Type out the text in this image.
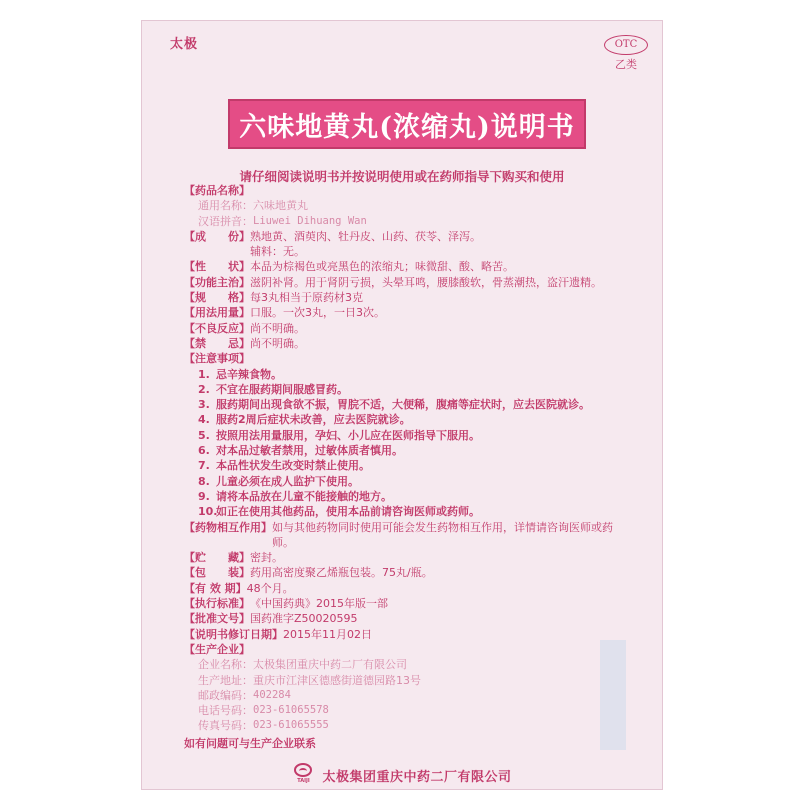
太极	OTC
乙类
六味地黄丸(浓缩丸)说明书
请仔细阅读说明书并按说明使用或在药师指导下购买和使用
【药品名称】
通用名称： 六味地黄丸
汉语拼音： Liuwei Dihuang Wan
【成　　份】 熟地黄、酒萸肉、牡丹皮、山药、茯苓、泽泻。
辅料：无。
【性　　状】 本品为棕褐色或亮黑色的浓缩丸；味微甜、酸、略苦。
【功能主治】 滋阴补肾。用于肾阴亏损，头晕耳鸣，腰膝酸软，骨蒸潮热，盗汗遗精。
【规　　格】 每3丸相当于原药材3克
【用法用量】 口服。一次3丸，一日3次。
【不良反应】 尚不明确。
【禁　　忌】 尚不明确。
【注意事项】
1. 忌辛辣食物。
2. 不宜在服药期间服感冒药。
3. 服药期间出现食欲不振，胃脘不适，大便稀，腹痛等症状时，应去医院就诊。
4. 服药2周后症状未改善，应去医院就诊。
5. 按照用法用量服用，孕妇、小儿应在医师指导下服用。
6. 对本品过敏者禁用，过敏体质者慎用。
7. 本品性状发生改变时禁止使用。
8. 儿童必须在成人监护下使用。
9. 请将本品放在儿童不能接触的地方。
10.
如正在使用其他药品，使用本品前请咨询医师或药师。
【药物相互作用】 如与其他药物同时使用可能会发生药物相互作用，详情请咨询医师或药师。
【贮　　藏】 密封。
【包　　装】 药用高密度聚乙烯瓶包装。75丸/瓶。
【有 效 期】 48个月。
【执行标准】 《中国药典》2015年版一部
【批准文号】 国药准字Z50020595
【说明书修订日期】 2015年11月02日
【生产企业】
企业名称： 太极集团重庆中药二厂有限公司
生产地址： 重庆市江津区德感街道德园路13号
邮政编码： 402284
电话号码： 023-61065578
传真号码： 023-61065555
如有问题可与生产企业联系
TAIJI 太极集团重庆中药二厂有限公司
